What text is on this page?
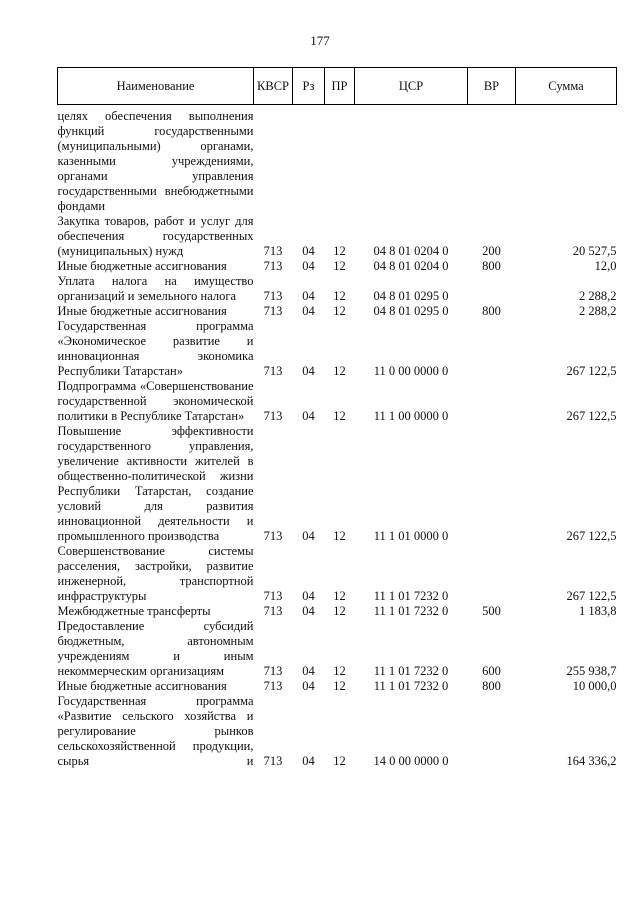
177
Наименование	КВСР	Рз	ПР	ЦСР	ВР	Сумма
целях обеспечения выполнения функций государственными (муниципальными) органами, казенными учреждениями, органами управления государственными внебюджетными фондами						
Закупка товаров, работ и услуг для обеспечения государственных (муниципальных) нужд	713	04	12	04 8 01 0204 0	200	20 527,5
Иные бюджетные ассигнования	713	04	12	04 8 01 0204 0	800	12,0
Уплата налога на имущество организаций и земельного налога	713	04	12	04 8 01 0295 0		2 288,2
Иные бюджетные ассигнования	713	04	12	04 8 01 0295 0	800	2 288,2
Государственная программа «Экономическое развитие и инновационная экономика Республики Татарстан»	713	04	12	11 0 00 0000 0		267 122,5
Подпрограмма «Совершенствование государственной экономической политики в Республике Татарстан»	713	04	12	11 1 00 0000 0		267 122,5
Повышение эффективности государственного управления, увеличение активности жителей в общественно-политической жизни Республики Татарстан, создание условий для развития инновационной деятельности и промышленного производства	713	04	12	11 1 01 0000 0		267 122,5
Совершенствование системы расселения, застройки, развитие инженерной, транспортной инфраструктуры	713	04	12	11 1 01 7232 0		267 122,5
Межбюджетные трансферты	713	04	12	11 1 01 7232 0	500	1 183,8
Предоставление субсидий бюджетным, автономным учреждениям и иным некоммерческим организациям	713	04	12	11 1 01 7232 0	600	255 938,7
Иные бюджетные ассигнования	713	04	12	11 1 01 7232 0	800	10 000,0
Государственная программа «Развитие сельского хозяйства и регулирование рынков сельскохозяйственной продукции, сырья и	713	04	12	14 0 00 0000 0		164 336,2
